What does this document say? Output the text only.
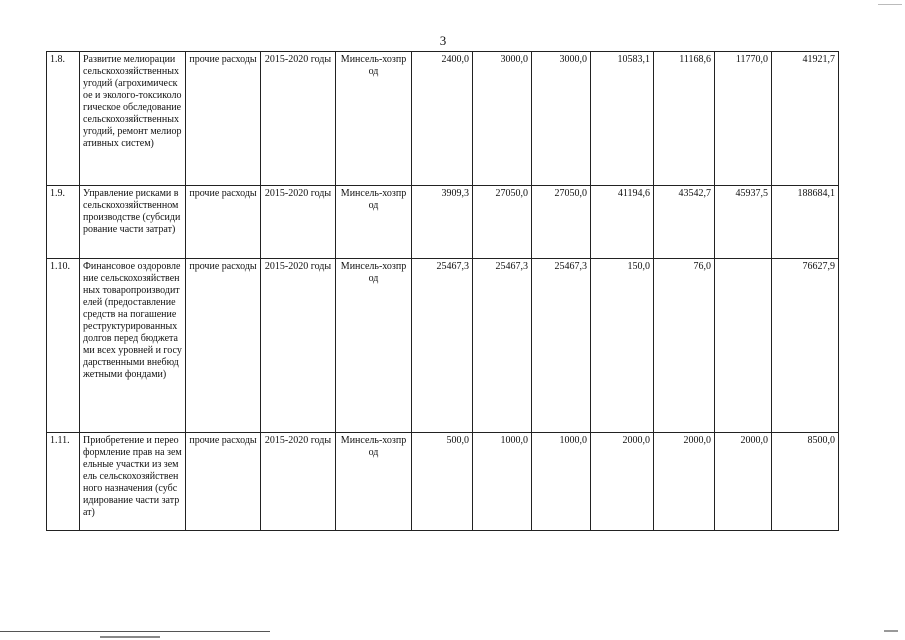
3
1.8.	Развитие мелиорации сельскохозяйственных угодий (агрохимическое и эколого-токсикологическое обследование сельскохозяйственных угодий, ремонт мелиоративных систем)	прочие расходы	2015-2020 годы	Минсель-хозпрод	2400,0	3000,0	3000,0	10583,1	11168,6	11770,0	41921,7
1.9.	Управление рисками в сельскохозяйственном производстве (субсидирование части затрат)	прочие расходы	2015-2020 годы	Минсель-хозпрод	3909,3	27050,0	27050,0	41194,6	43542,7	45937,5	188684,1
1.10.	Финансовое оздоровление сельскохозяйственных товаропроизводителей (предоставление средств на погашение реструктурированных долгов перед бюджетами всех уровней и государственными внебюджетными фондами)	прочие расходы	2015-2020 годы	Минсель-хозпрод	25467,3	25467,3	25467,3	150,0	76,0		76627,9
1.11.	Приобретение и переоформление прав на земельные участки из земель сельскохозяйственного назначения (субсидирование части затрат)	прочие расходы	2015-2020 годы	Минсель-хозпрод	500,0	1000,0	1000,0	2000,0	2000,0	2000,0	8500,0
